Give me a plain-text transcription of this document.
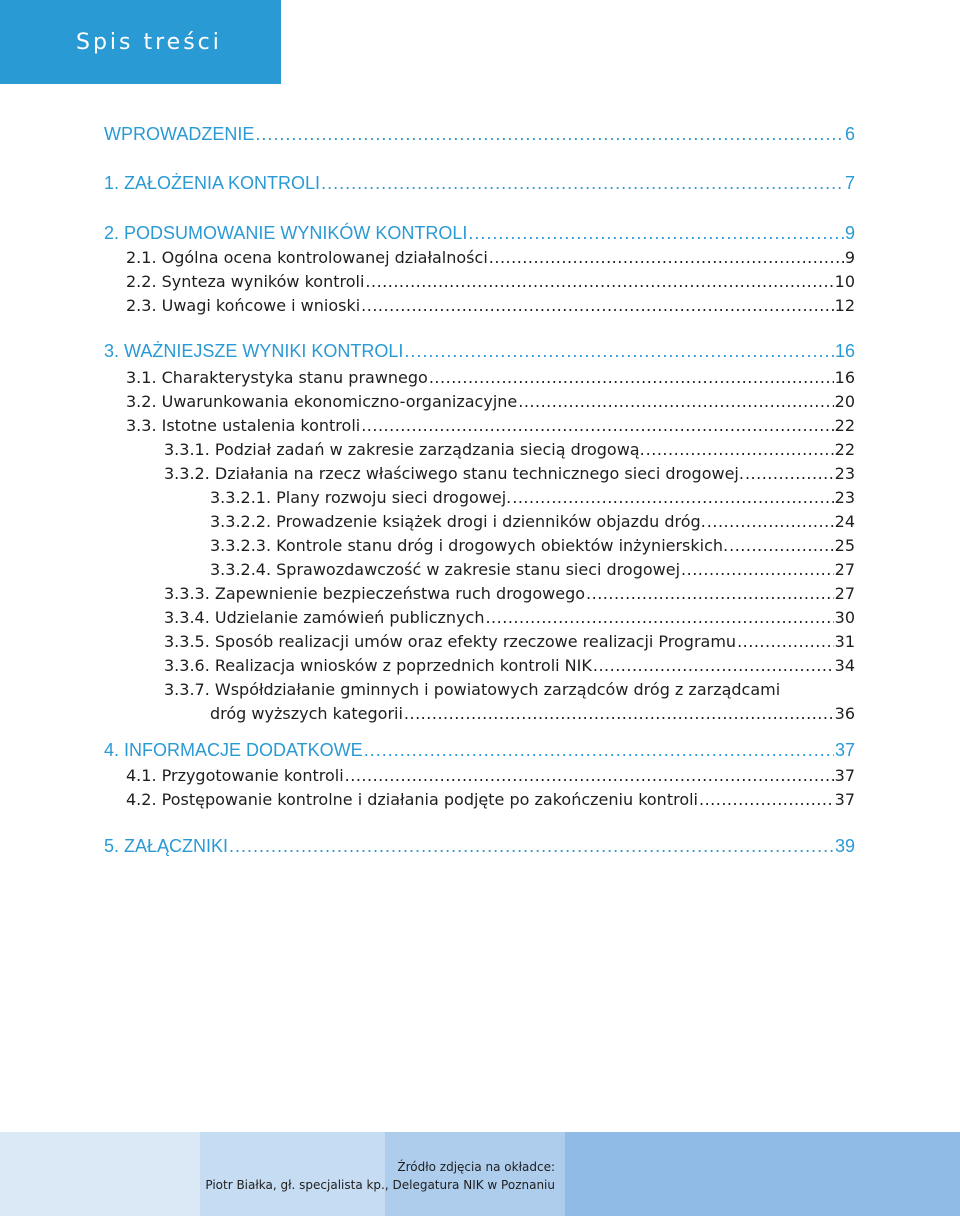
Spis treści
WPROWADZENIE .....	6
1. ZAŁOŻENIA KONTROLI .....	7
2. PODSUMOWANIE WYNIKÓW KONTROLI .....	9
2.1. Ogólna ocena kontrolowanej działalności .....	9
2.2. Synteza wyników kontroli .....	10
2.3. Uwagi końcowe i wnioski .....	12
3. WAŻNIEJSZE WYNIKI KONTROLI .....	16
3.1. Charakterystyka stanu prawnego .....	16
3.2. Uwarunkowania ekonomiczno-organizacyjne .....	20
3.3. Istotne ustalenia kontroli .....	22
3.3.1. Podział zadań w zakresie zarządzania siecią drogową. .....	22
3.3.2. Działania na rzecz właściwego stanu technicznego sieci drogowej. .....	23
3.3.2.1. Plany rozwoju sieci drogowej. .....	23
3.3.2.2. Prowadzenie książek drogi i dzienników objazdu dróg. .....	24
3.3.2.3. Kontrole stanu dróg i drogowych obiektów inżynierskich. .....	25
3.3.2.4. Sprawozdawczość w zakresie stanu sieci drogowej .....	27
3.3.3. Zapewnienie bezpieczeństwa ruch drogowego .....	27
3.3.4. Udzielanie zamówień publicznych .....	30
3.3.5. Sposób realizacji umów oraz efekty rzeczowe realizacji Programu .....	31
3.3.6. Realizacja wniosków z poprzednich kontroli NIK .....	34
3.3.7. Współdziałanie gminnych i powiatowych zarządców dróg z zarządcami
dróg wyższych kategorii .....	36
4. INFORMACJE DODATKOWE .....	37
4.1. Przygotowanie kontroli .....	37
4.2. Postępowanie kontrolne i działania podjęte po zakończeniu kontroli .....	37
5. ZAŁĄCZNIKI .....	39
Źródło zdjęcia na okładce:
Piotr Białka, gł. specjalista kp., Delegatura NIK w Poznaniu
